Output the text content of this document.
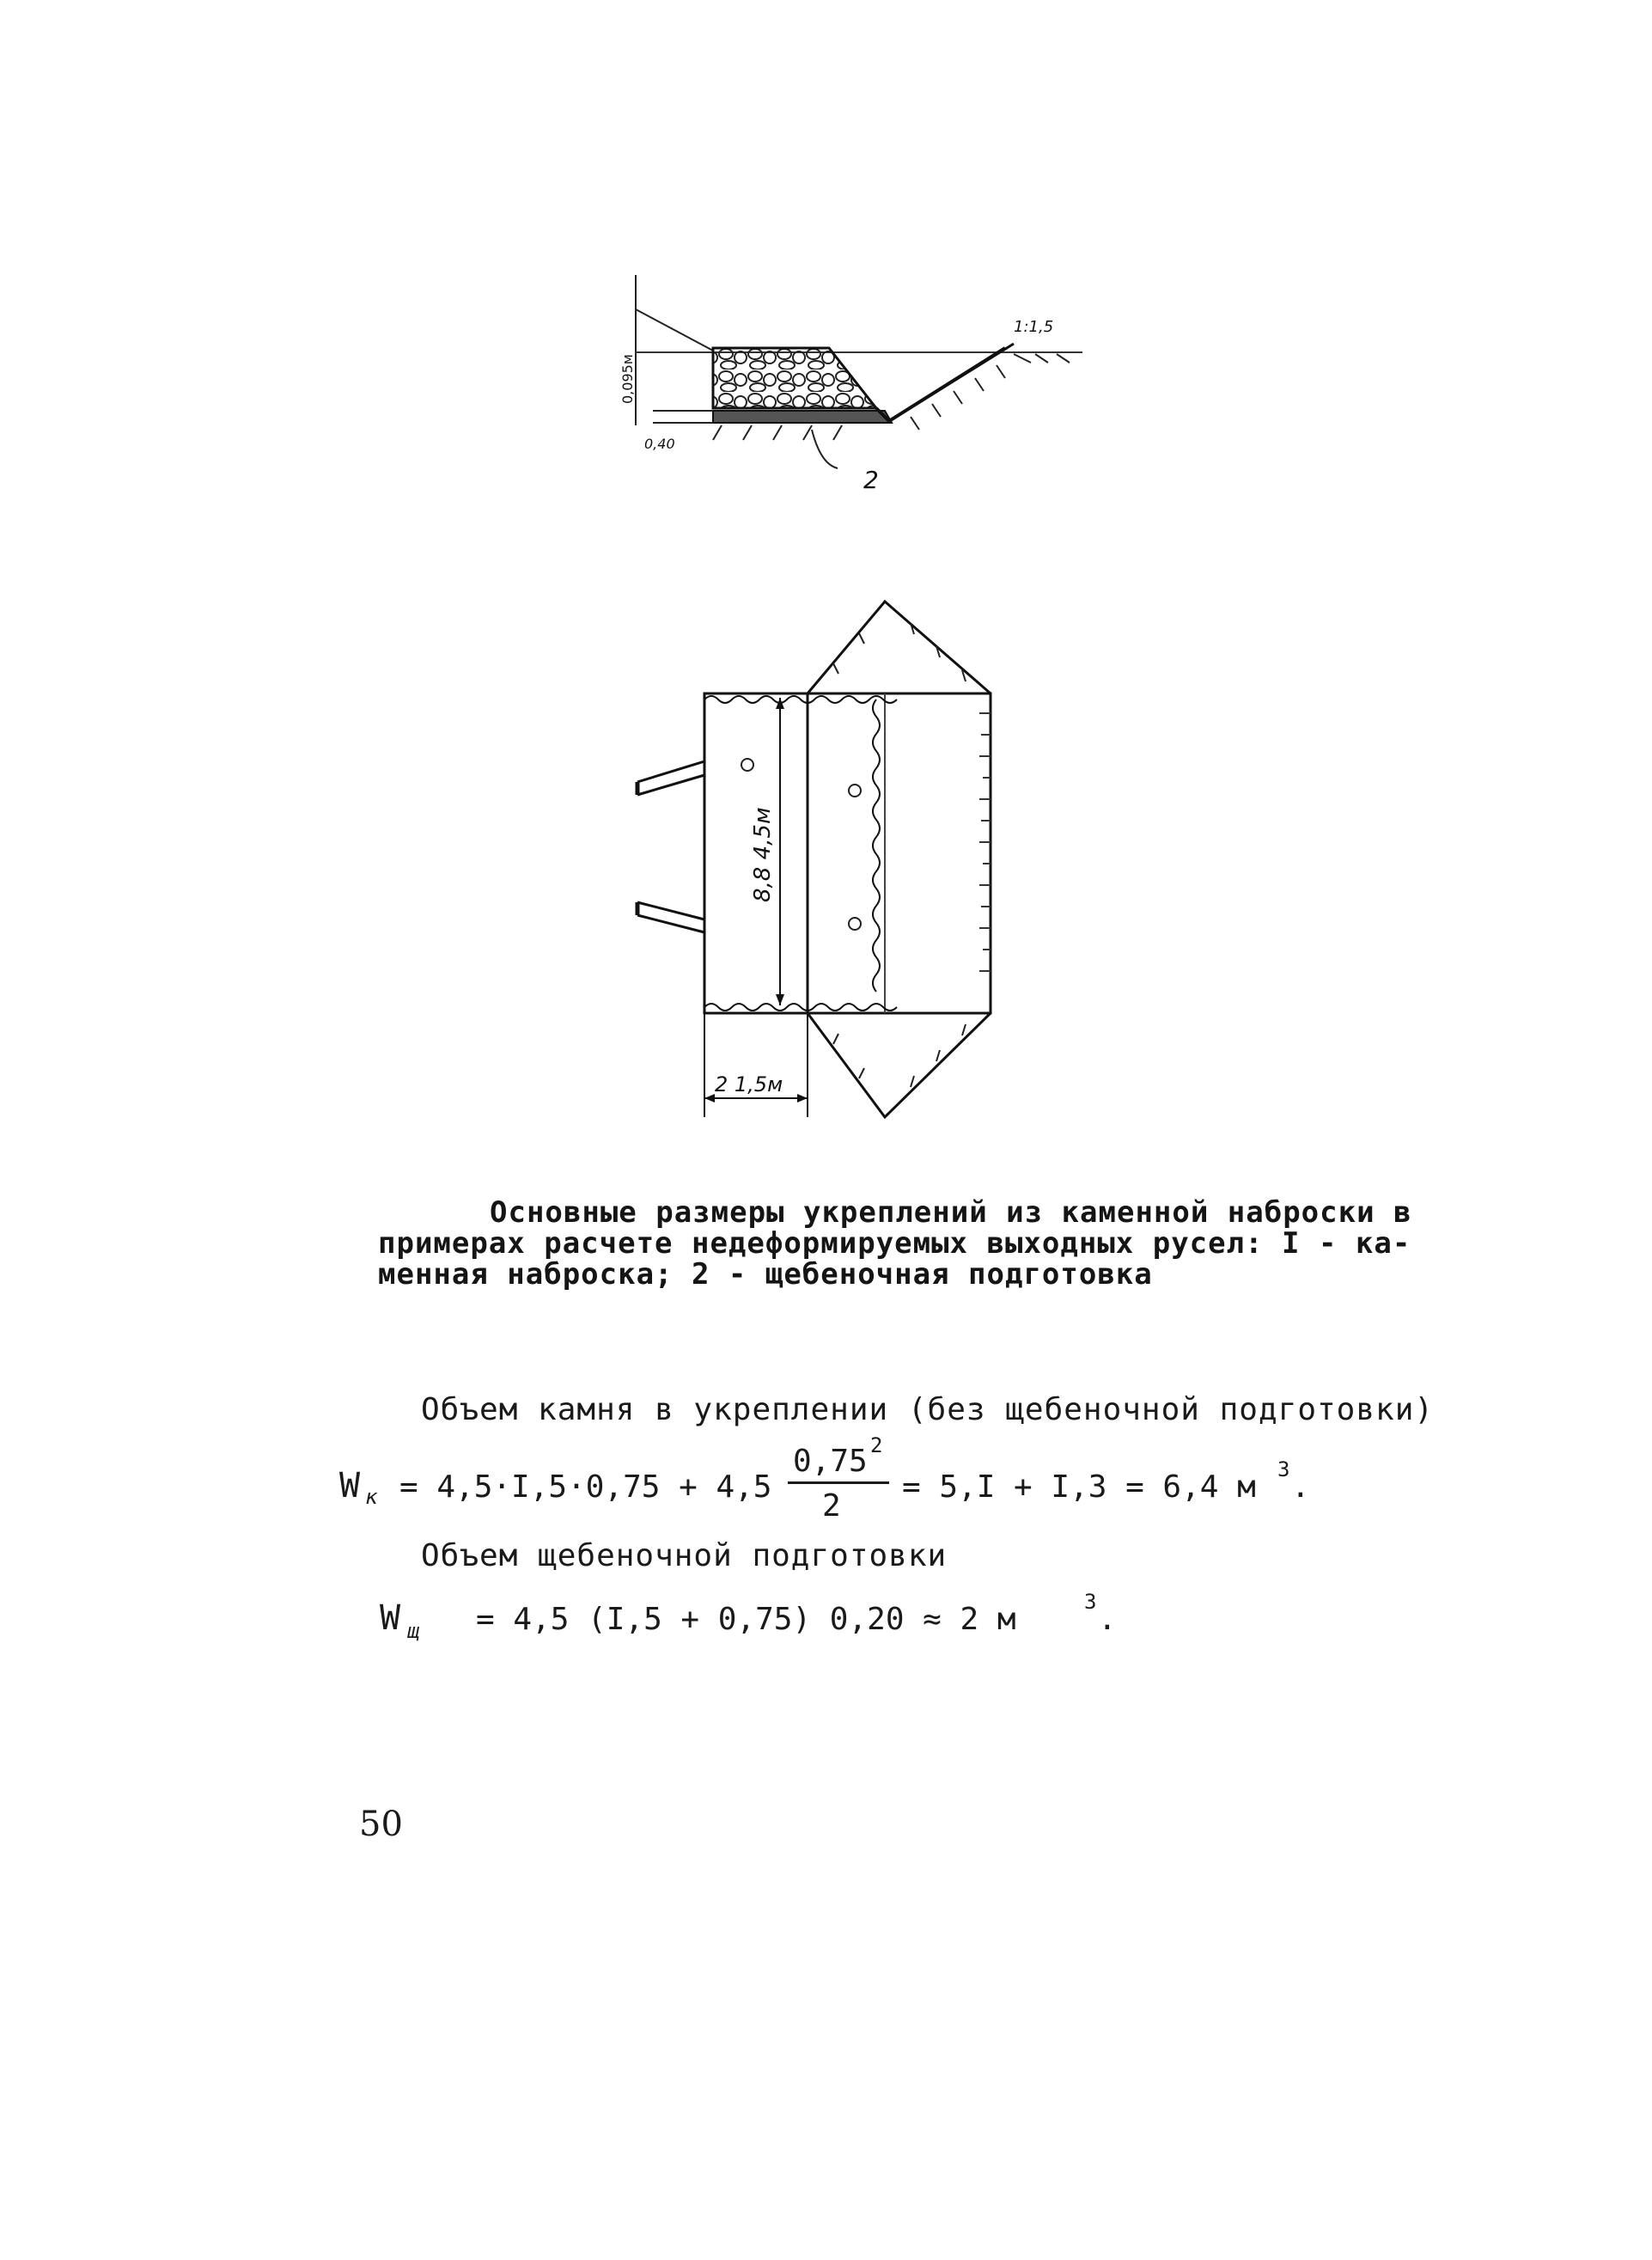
2
0,095м
0,40
1:1,5
8,8 4,5м
2 1,5м
Основные размеры укреплений из каменной наброски в
примерах расчете недеформируемых выходных русел: I - ка-
менная наброска; 2 - щебеночная подготовка
Объем камня в укреплении (без щебеночной подготовки)
W к = 4,5·I,5·0,75 + 4,5
0,75 2
2
= 5,I + I,3 = 6,4 м 3 .
Объем щебеночной подготовки
W щ = 4,5 (I,5 + 0,75) 0,20 ≈ 2 м	3 .
50
